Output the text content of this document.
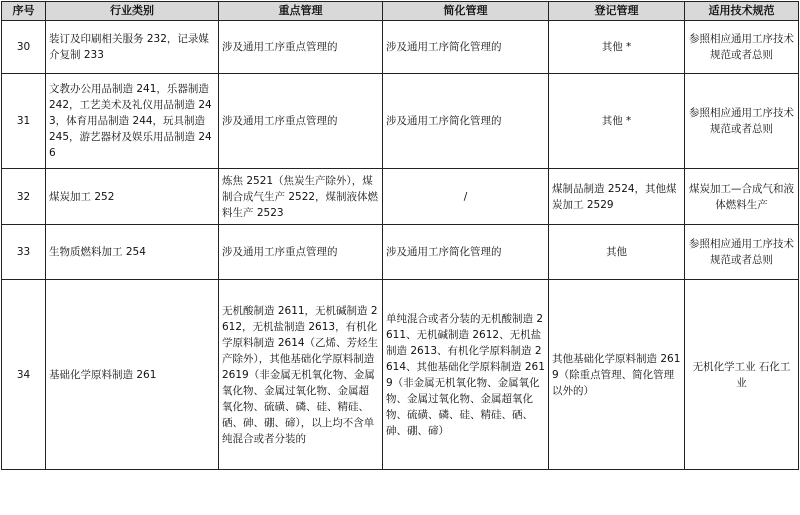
序号	行业类别	重点管理	简化管理	登记管理	适用技术规范
30	装订及印刷相关服务 232，记录媒介复制 233	涉及通用工序重点管理的	涉及通用工序简化管理的	其他 *	参照相应通用工序技术规范或者总则
31	文教办公用品制造 241，乐器制造 242，工艺美术及礼仪用品制造 243，体育用品制造 244，玩具制造 245，游艺器材及娱乐用品制造 246	涉及通用工序重点管理的	涉及通用工序简化管理的	其他 *	参照相应通用工序技术规范或者总则
32	煤炭加工 252	炼焦 2521（焦炭生产除外），煤制合成气生产 2522，煤制液体燃料生产 2523	/	煤制品制造 2524，其他煤炭加工 2529	煤炭加工—合成气和液体燃料生产
33	生物质燃料加工 254	涉及通用工序重点管理的	涉及通用工序简化管理的	其他	参照相应通用工序技术规范或者总则
34	基础化学原料制造 261	无机酸制造 2611，无机碱制造 2612，无机盐制造 2613，有机化学原料制造 2614（乙烯、芳烃生产除外），其他基础化学原料制造 2619（非金属无机氧化物、金属氧化物、金属过氧化物、金属超氧化物、硫磺、磷、硅、精硅、硒、砷、硼、碲），以上均不含单纯混合或者分装的	单纯混合或者分装的无机酸制造 2611、无机碱制造 2612、无机盐制造 2613、有机化学原料制造 2614、其他基础化学原料制造 2619（非金属无机氧化物、金属氧化物、金属过氧化物、金属超氧化物、硫磺、磷、硅、精硅、硒、砷、硼、碲）	其他基础化学原料制造 2619（除重点管理、简化管理以外的）	无机化学工业 石化工业
